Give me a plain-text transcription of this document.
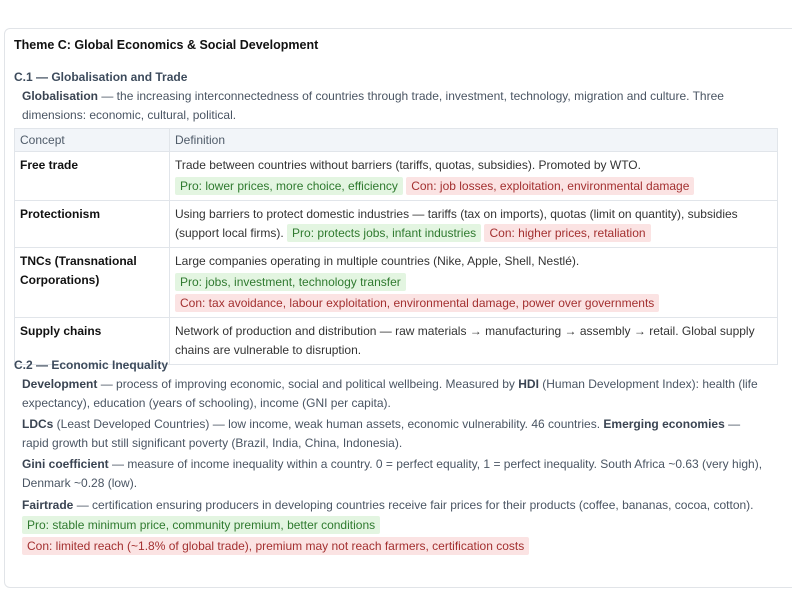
Theme C: Global Economics & Social Development
C.1 — Globalisation and Trade
Globalisation — the increasing interconnectedness of countries through trade, investment, technology, migration and culture. Three dimensions: economic, cultural, political.
Concept	Definition
Free trade	Trade between countries without barriers (tariffs, quotas, subsidies). Promoted by WTO.
Pro: lower prices, more choice, efficiency Con: job losses, exploitation, environmental damage

Protectionism	Using barriers to protect domestic industries — tariffs (tax on imports), quotas (limit on quantity), subsidies (support local firms). Pro: protects jobs, infant industries Con: higher prices, retaliation
TNCs (Transnational Corporations)	Large companies operating in multiple countries (Nike, Apple, Shell, Nestlé).
Pro: jobs, investment, technology transfer
Con: tax avoidance, labour exploitation, environmental damage, power over governments

Supply chains	Network of production and distribution — raw materials → manufacturing → assembly → retail. Global supply chains are vulnerable to disruption.
C.2 — Economic Inequality
Development — process of improving economic, social and political wellbeing. Measured by HDI (Human Development Index): health (life expectancy), education (years of schooling), income (GNI per capita).
LDCs (Least Developed Countries) — low income, weak human assets, economic vulnerability. 46 countries. Emerging economies — rapid growth but still significant poverty (Brazil, India, China, Indonesia).
Gini coefficient — measure of income inequality within a country. 0 = perfect equality, 1 = perfect inequality. South Africa ~0.63 (very high), Denmark ~0.28 (low).
Fairtrade — certification ensuring producers in developing countries receive fair prices for their products (coffee, bananas, cocoa, cotton). Pro: stable minimum price, community premium, better conditions
Con: limited reach (~1.8% of global trade), premium may not reach farmers, certification costs
